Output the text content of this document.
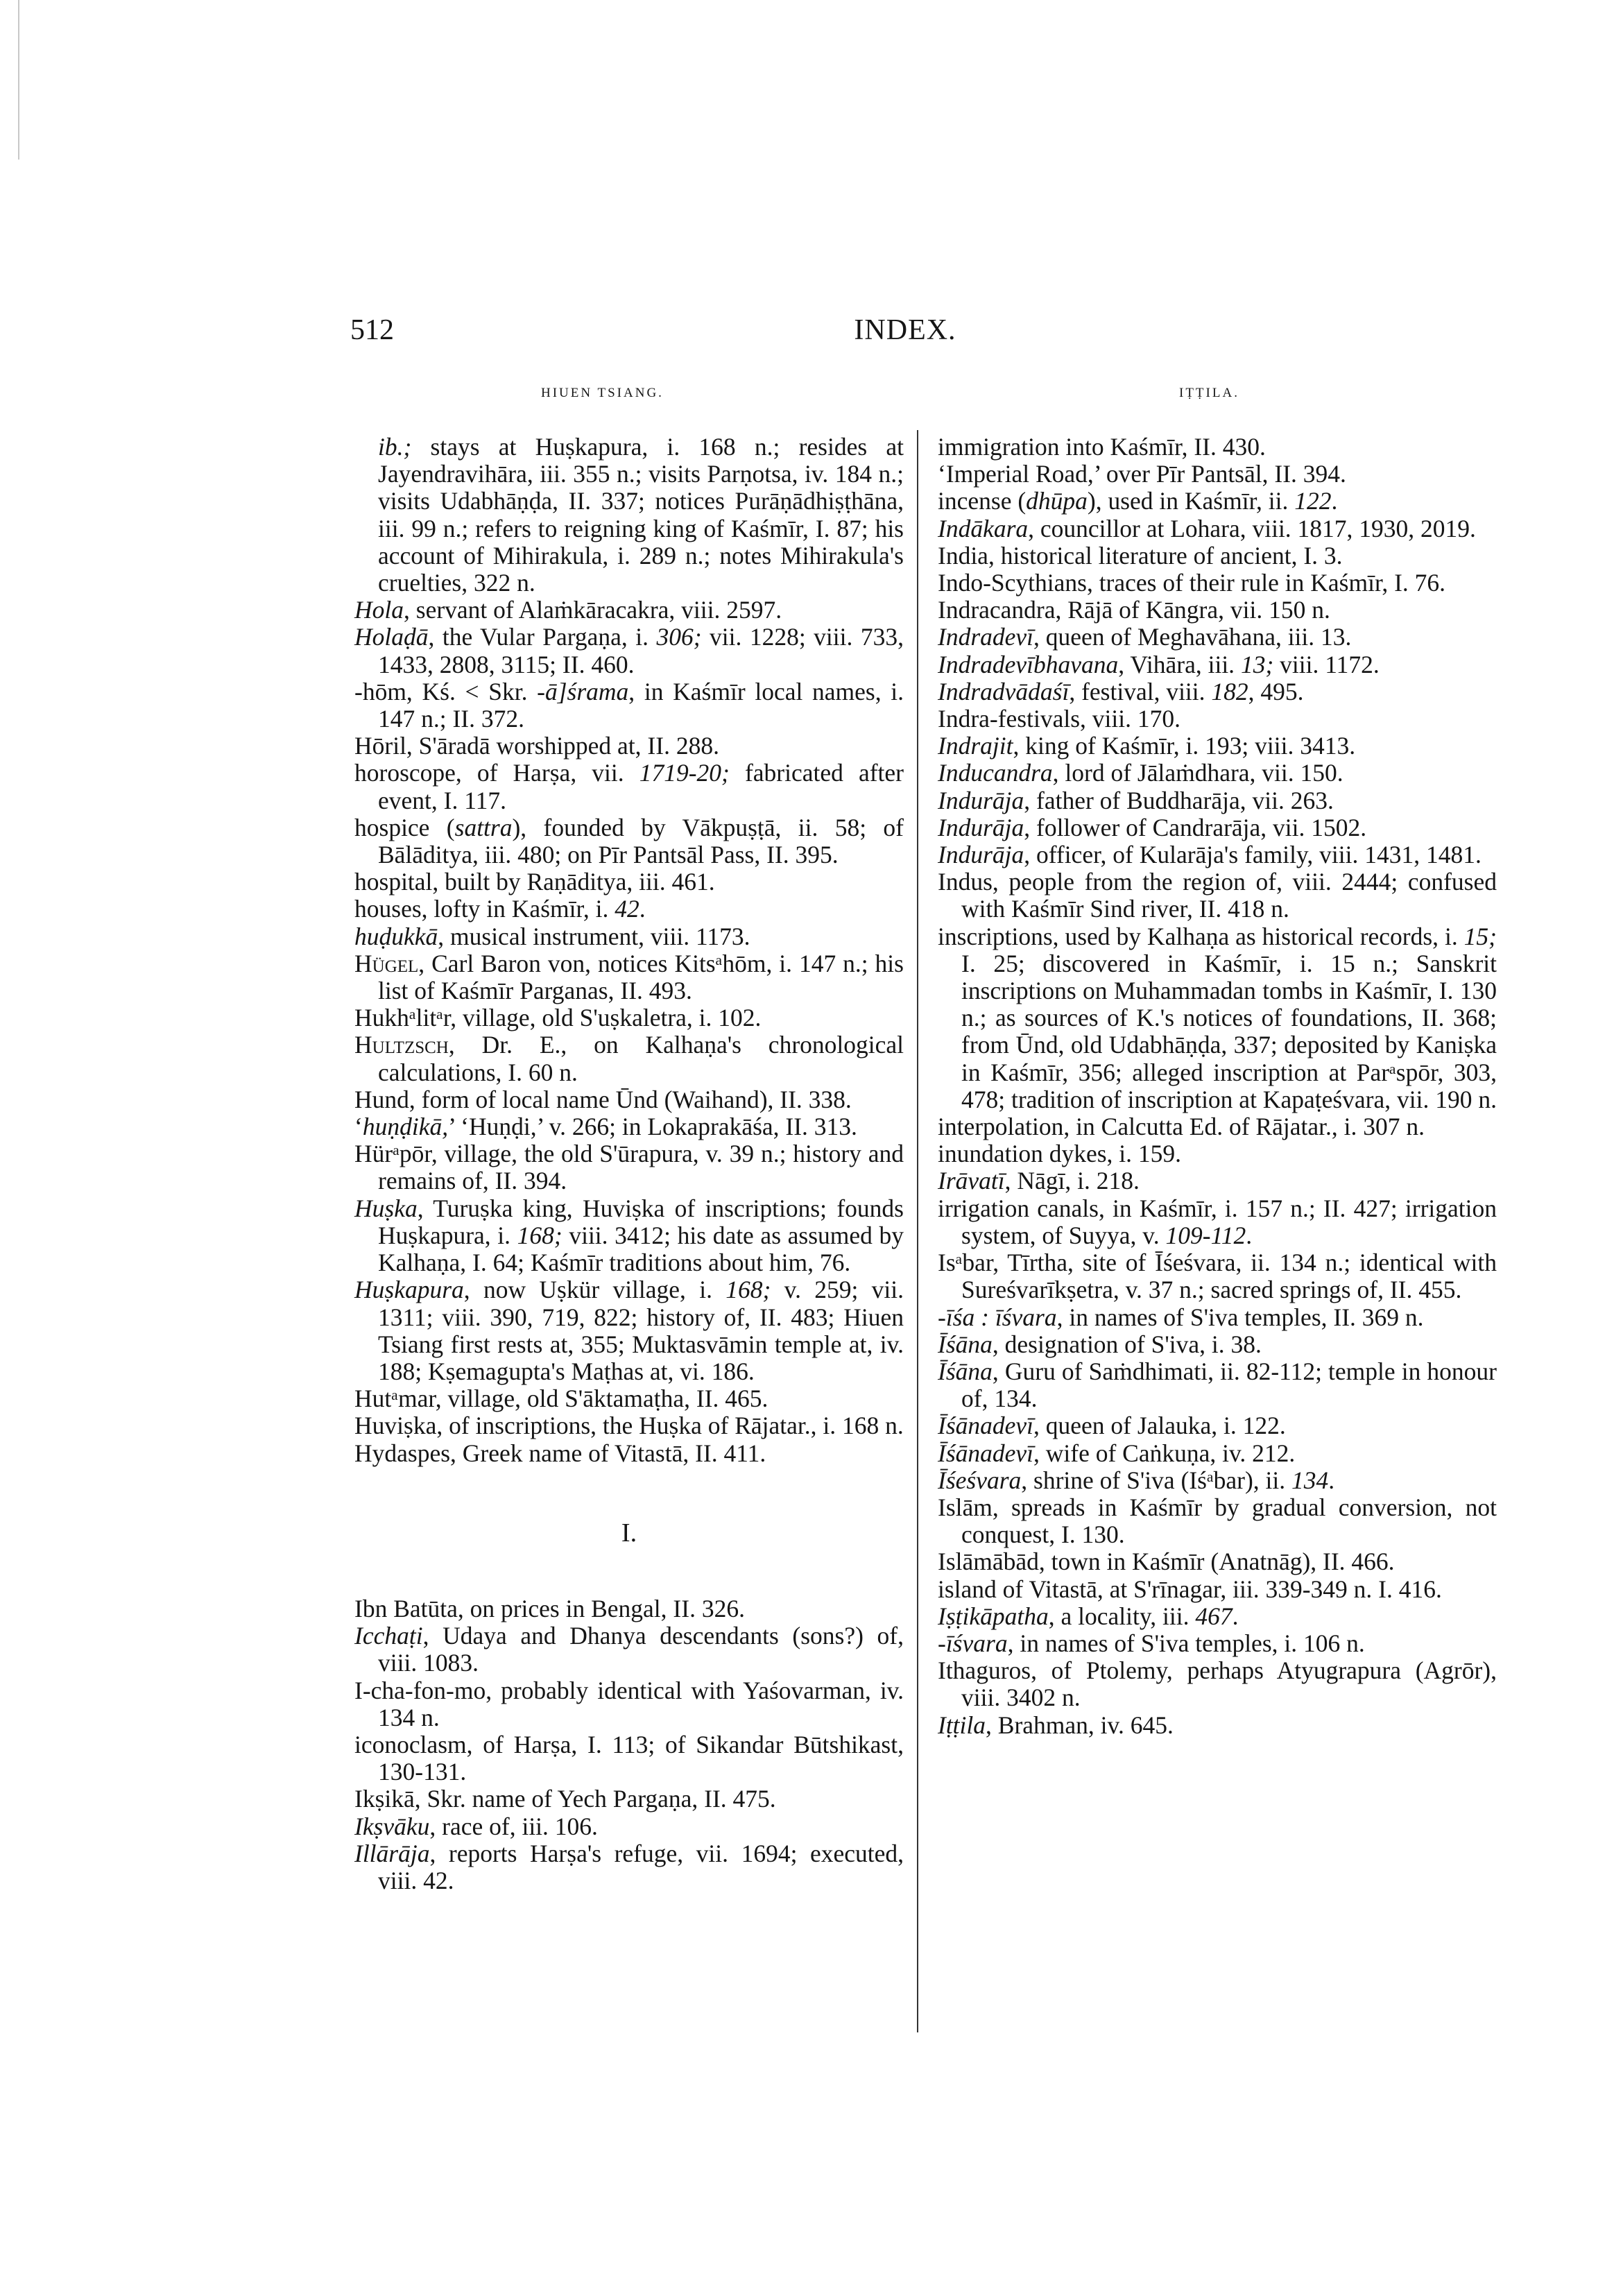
512	INDEX.
HIUEN TSIANG.	IṬṬILA.
ib.; stays at Huṣkapura, i. 168 n.; resides at Jayendravihāra, iii. 355 n.; visits Parṇotsa, iv. 184 n.; visits Udabhāṇḍa, II. 337; notices Purāṇādhiṣṭhāna, iii. 99 n.; refers to reigning king of Kaśmīr, I. 87; his account of Mihirakula, i. 289 n.; notes Mihirakula's cruelties, 322 n.
Hola, servant of Alaṁkāracakra, viii. 2597.
Holaḍā, the Vular Pargaṇa, i. 306; vii. 1228; viii. 733, 1433, 2808, 3115; II. 460.
-hōm, Kś. < Skr. -ā]śrama, in Kaśmīr local names, i. 147 n.; II. 372.
Hōril, S'āradā worshipped at, II. 288.
horoscope, of Harṣa, vii. 1719-20; fabricated after event, I. 117.
hospice (sattra), founded by Vākpuṣṭā, ii. 58; of Bālāditya, iii. 480; on Pīr Pantsāl Pass, II. 395.
hospital, built by Raṇāditya, iii. 461.
houses, lofty in Kaśmīr, i. 42.
huḍukkā, musical instrument, viii. 1173.
Hügel, Carl Baron von, notices Kitsᵃhōm, i. 147 n.; his list of Kaśmīr Parganas, II. 493.
Hukhᵃlitᵃr, village, old S'uṣkaletra, i. 102.
Hultzsch, Dr. E., on Kalhaṇa's chronological calculations, I. 60 n.
Hund, form of local name Ūnd (Waihand), II. 338.
‘huṇḍikā,’ ‘Huṇḍi,’ v. 266; in Lokaprakāśa, II. 313.
Hürᵃpōr, village, the old S'ūrapura, v. 39 n.; history and remains of, II. 394.
Huṣka, Turuṣka king, Huviṣka of inscriptions; founds Huṣkapura, i. 168; viii. 3412; his date as assumed by Kalhaṇa, I. 64; Kaśmīr traditions about him, 76.
Huṣkapura, now Uṣkür village, i. 168; v. 259; vii. 1311; viii. 390, 719, 822; history of, II. 483; Hiuen Tsiang first rests at, 355; Muktasvāmin temple at, iv. 188; Kṣemagupta's Maṭhas at, vi. 186.
Hutᵃmar, village, old S'āktamaṭha, II. 465.
Huviṣka, of inscriptions, the Huṣka of Rājatar., i. 168 n.
Hydaspes, Greek name of Vitastā, II. 411.
I.
Ibn Batūta, on prices in Bengal, II. 326.
Icchaṭi, Udaya and Dhanya descendants (sons?) of, viii. 1083.
I-cha-fon-mo, probably identical with Yaśovarman, iv. 134 n.
iconoclasm, of Harṣa, I. 113; of Sikandar Būtshikast, 130-131.
Ikṣikā, Skr. name of Yech Pargaṇa, II. 475.
Ikṣvāku, race of, iii. 106.
Illārāja, reports Harṣa's refuge, vii. 1694; executed, viii. 42.
immigration into Kaśmīr, II. 430.
‘Imperial Road,’ over Pīr Pantsāl, II. 394.
incense (dhūpa), used in Kaśmīr, ii. 122.
Indākara, councillor at Lohara, viii. 1817, 1930, 2019.
India, historical literature of ancient, I. 3.
Indo-Scythians, traces of their rule in Kaśmīr, I. 76.
Indracandra, Rājā of Kāngra, vii. 150 n.
Indradevī, queen of Meghavāhana, iii. 13.
Indradevībhavana, Vihāra, iii. 13; viii. 1172.
Indradvādaśī, festival, viii. 182, 495.
Indra-festivals, viii. 170.
Indrajit, king of Kaśmīr, i. 193; viii. 3413.
Inducandra, lord of Jālaṁdhara, vii. 150.
Indurāja, father of Buddharāja, vii. 263.
Indurāja, follower of Candrarāja, vii. 1502.
Indurāja, officer, of Kularāja's family, viii. 1431, 1481.
Indus, people from the region of, viii. 2444; confused with Kaśmīr Sind river, II. 418 n.
inscriptions, used by Kalhaṇa as historical records, i. 15; I. 25; discovered in Kaśmīr, i. 15 n.; Sanskrit inscriptions on Muhammadan tombs in Kaśmīr, I. 130 n.; as sources of K.'s notices of foundations, II. 368; from Ūnd, old Udabhāṇḍa, 337; deposited by Kaniṣka in Kaśmīr, 356; alleged inscription at Parᵃspōr, 303, 478; tradition of inscription at Kapaṭeśvara, vii. 190 n.
interpolation, in Calcutta Ed. of Rājatar., i. 307 n.
inundation dykes, i. 159.
Irāvatī, Nāgī, i. 218.
irrigation canals, in Kaśmīr, i. 157 n.; II. 427; irrigation system, of Suyya, v. 109-112.
Isᵃbar, Tīrtha, site of Īśeśvara, ii. 134 n.; identical with Sureśvarīkṣetra, v. 37 n.; sacred springs of, II. 455.
-īśa : īśvara, in names of S'iva temples, II. 369 n.
Īśāna, designation of S'iva, i. 38.
Īśāna, Guru of Saṁdhimati, ii. 82-112; temple in honour of, 134.
Īśānadevī, queen of Jalauka, i. 122.
Īśānadevī, wife of Caṅkuṇa, iv. 212.
Īśeśvara, shrine of S'iva (Iśᵃbar), ii. 134.
Islām, spreads in Kaśmīr by gradual conversion, not conquest, I. 130.
Islāmābād, town in Kaśmīr (Anatnāg), II. 466.
island of Vitastā, at S'rīnagar, iii. 339-349 n. I. 416.
Iṣṭikāpatha, a locality, iii. 467.
-īśvara, in names of S'iva temples, i. 106 n.
Ithaguros, of Ptolemy, perhaps Atyugrapura (Agrōr), viii. 3402 n.
Iṭṭila, Brahman, iv. 645.
